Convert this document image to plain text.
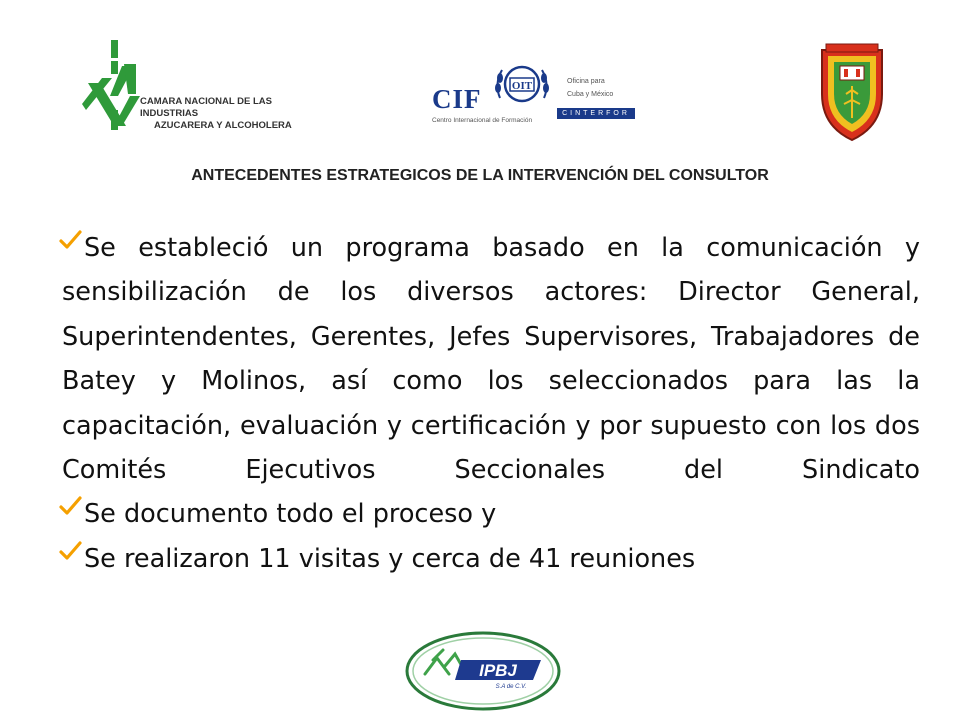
CAMARA NACIONAL DE LAS INDUSTRIAS
AZUCARERA Y ALCOHOLERA
CIF	OIT	Oficina para
Cuba y México
CINTERFOR
Centro Internacional de Formación
ANTECEDENTES ESTRATEGICOS DE LA INTERVENCIÓN DEL CONSULTOR
Se estableció un programa basado en la comunicación y sensibilización de los diversos actores: Director General, Superintendentes, Gerentes, Jefes Supervisores, Trabajadores de Batey y Molinos, así como los seleccionados para las la capacitación, evaluación y certificación y por supuesto con los dos Comités Ejecutivos Seccionales del Sindicato
Se documento todo el proceso y
Se realizaron 11 visitas y cerca de 41 reuniones
IPBJ
S.A de C.V.
